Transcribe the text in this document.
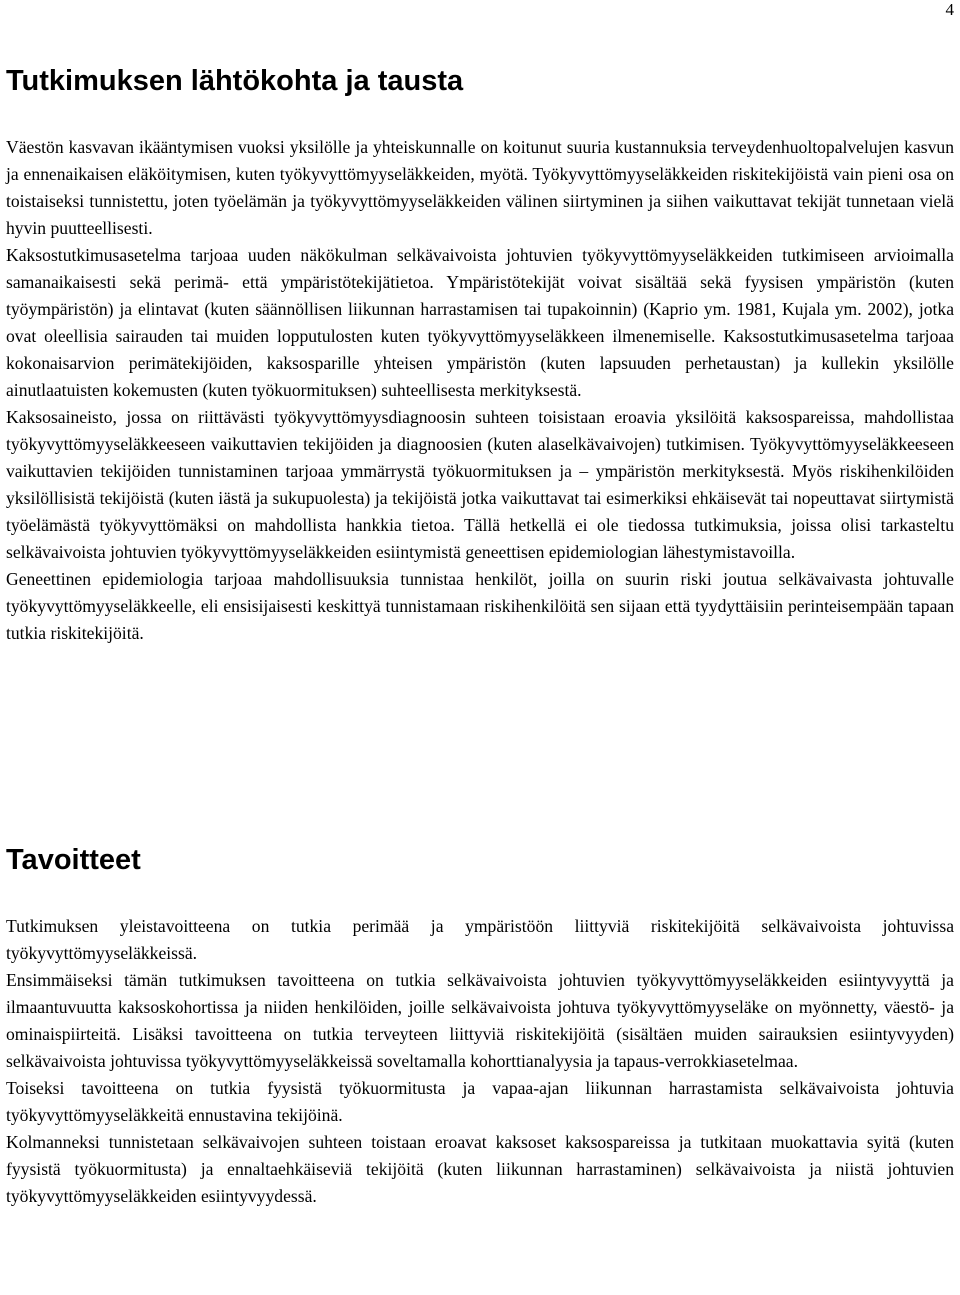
4
Tutkimuksen lähtökohta ja tausta

Väestön kasvavan ikääntymisen vuoksi yksilölle ja yhteiskunnalle on koitunut suuria kustannuksia terveydenhuoltopalvelujen kasvun ja ennenaikaisen eläköitymisen, kuten työkyvyttömyyseläkkeiden, myötä. Työkyvyttömyyseläkkeiden riskitekijöistä vain pieni osa on toistaiseksi tunnistettu, joten työelämän ja työkyvyttömyyseläkkeiden välinen siirtyminen ja siihen vaikuttavat tekijät tunnetaan vielä hyvin puutteellisesti.

Kaksostutkimusasetelma tarjoaa uuden näkökulman selkävaivoista johtuvien työkyvyttömyyseläkkeiden tutkimiseen arvioimalla samanaikaisesti sekä perimä- että ympäristötekijätietoa. Ympäristötekijät voivat sisältää sekä fyysisen ympäristön (kuten työympäristön) ja elintavat (kuten säännöllisen liikunnan harrastamisen tai tupakoinnin) (Kaprio ym. 1981, Kujala ym. 2002), jotka ovat oleellisia sairauden tai muiden lopputulosten kuten työkyvyttömyyseläkkeen ilmenemiselle. Kaksostutkimusasetelma tarjoaa kokonaisarvion perimätekijöiden, kaksosparille yhteisen ympäristön (kuten lapsuuden perhetaustan) ja kullekin yksilölle ainutlaatuisten kokemusten (kuten työkuormituksen) suhteellisesta merkityksestä.

Kaksosaineisto, jossa on riittävästi työkyvyttömyysdiagnoosin suhteen toisistaan eroavia yksilöitä kaksospareissa, mahdollistaa työkyvyttömyyseläkkeeseen vaikuttavien tekijöiden ja diagnoosien (kuten alaselkävaivojen) tutkimisen. Työkyvyttömyyseläkkeeseen vaikuttavien tekijöiden tunnistaminen tarjoaa ymmärrystä työkuormituksen ja – ympäristön merkityksestä. Myös riskihenkilöiden yksilöllisistä tekijöistä (kuten iästä ja sukupuolesta) ja tekijöistä jotka vaikuttavat tai esimerkiksi ehkäisevät tai nopeuttavat siirtymistä työelämästä työkyvyttömäksi on mahdollista hankkia tietoa. Tällä hetkellä ei ole tiedossa tutkimuksia, joissa olisi tarkasteltu selkävaivoista johtuvien työkyvyttömyyseläkkeiden esiintymistä geneettisen epidemiologian lähestymistavoilla.

Geneettinen epidemiologia tarjoaa mahdollisuuksia tunnistaa henkilöt, joilla on suurin riski joutua selkävaivasta johtuvalle työkyvyttömyyseläkkeelle, eli ensisijaisesti keskittyä tunnistamaan riskihenkilöitä sen sijaan että tyydyttäisiin perinteisempään tapaan tutkia riskitekijöitä.

Tavoitteet

Tutkimuksen yleistavoitteena on tutkia perimää ja ympäristöön liittyviä riskitekijöitä selkävaivoista johtuvissa työkyvyttömyyseläkkeissä.

Ensimmäiseksi tämän tutkimuksen tavoitteena on tutkia selkävaivoista johtuvien työkyvyttömyyseläkkeiden esiintyvyyttä ja ilmaantuvuutta kaksoskohortissa ja niiden henkilöiden, joille selkävaivoista johtuva työkyvyttömyyseläke on myönnetty, väestö- ja ominaispiirteitä. Lisäksi tavoitteena on tutkia terveyteen liittyviä riskitekijöitä (sisältäen muiden sairauksien esiintyvyyden) selkävaivoista johtuvissa työkyvyttömyyseläkkeissä soveltamalla kohorttianalyysia ja tapaus-verrokkiasetelmaa.

Toiseksi tavoitteena on tutkia fyysistä työkuormitusta ja vapaa-ajan liikunnan harrastamista selkävaivoista johtuvia työkyvyttömyyseläkkeitä ennustavina tekijöinä.

Kolmanneksi tunnistetaan selkävaivojen suhteen toistaan eroavat kaksoset kaksospareissa ja tutkitaan muokattavia syitä (kuten fyysistä työkuormitusta) ja ennaltaehkäiseviä tekijöitä (kuten liikunnan harrastaminen) selkävaivoista ja niistä johtuvien työkyvyttömyyseläkkeiden esiintyvyydessä.
